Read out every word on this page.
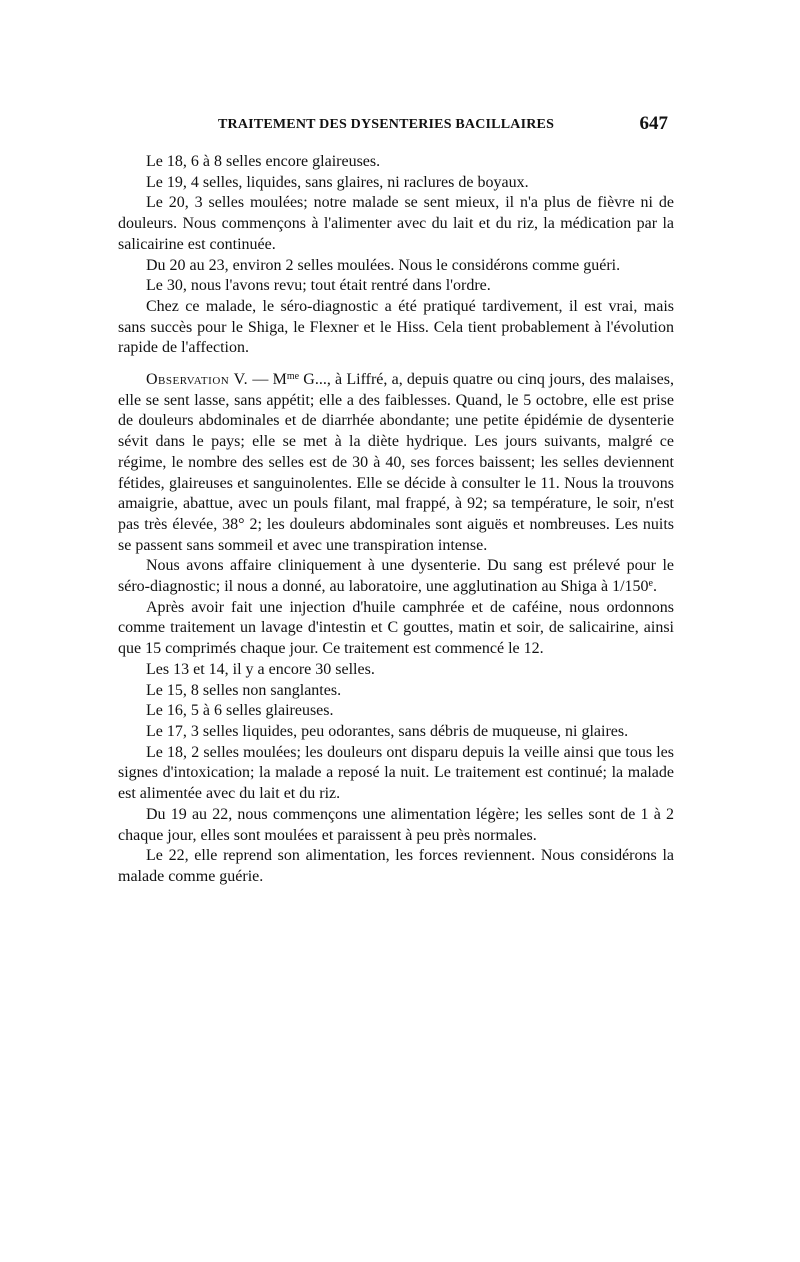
TRAITEMENT DES DYSENTERIES BACILLAIRES	647

Le 18, 6 à 8 selles encore glaireuses.

Le 19, 4 selles, liquides, sans glaires, ni raclures de boyaux.

Le 20, 3 selles moulées; notre malade se sent mieux, il n'a plus de fièvre ni de douleurs. Nous commençons à l'alimenter avec du lait et du riz, la médication par la salicairine est continuée.

Du 20 au 23, environ 2 selles moulées. Nous le considérons comme guéri.

Le 30, nous l'avons revu; tout était rentré dans l'ordre.

Chez ce malade, le séro-diagnostic a été pratiqué tardivement, il est vrai, mais sans succès pour le Shiga, le Flexner et le Hiss. Cela tient probablement à l'évolution rapide de l'affection.

Observation V. — $M^{me}$ G..., à Liffré, a, depuis quatre ou cinq jours, des malaises, elle se sent lasse, sans appétit; elle a des faiblesses. Quand, le 5 octobre, elle est prise de douleurs abdominales et de diarrhée abondante; une petite épidémie de dysenterie sévit dans le pays; elle se met à la diète hydrique. Les jours suivants, malgré ce régime, le nombre des selles est de 30 à 40, ses forces baissent; les selles deviennent fétides, glaireuses et sanguinolentes. Elle se décide à consulter le 11. Nous la trouvons amaigrie, abattue, avec un pouls filant, mal frappé, à 92; sa température, le soir, n'est pas très élevée, 38° 2; les douleurs abdominales sont aiguës et nombreuses. Les nuits se passent sans sommeil et avec une transpiration intense.

Nous avons affaire cliniquement à une dysenterie. Du sang est prélevé pour le séro-diagnostic; il nous a donné, au laboratoire, une agglutination au Shiga à 1/150e.

Après avoir fait une injection d'huile camphrée et de caféine, nous ordonnons comme traitement un lavage d'intestin et C gouttes, matin et soir, de salicairine, ainsi que 15 comprimés chaque jour. Ce traitement est commencé le 12.

Les 13 et 14, il y a encore 30 selles.

Le 15, 8 selles non sanglantes.

Le 16, 5 à 6 selles glaireuses.

Le 17, 3 selles liquides, peu odorantes, sans débris de muqueuse, ni glaires.

Le 18, 2 selles moulées; les douleurs ont disparu depuis la veille ainsi que tous les signes d'intoxication; la malade a reposé la nuit. Le traitement est continué; la malade est alimentée avec du lait et du riz.

Du 19 au 22, nous commençons une alimentation légère; les selles sont de 1 à 2 chaque jour, elles sont moulées et paraissent à peu près normales.

Le 22, elle reprend son alimentation, les forces reviennent. Nous considérons la malade comme guérie.
